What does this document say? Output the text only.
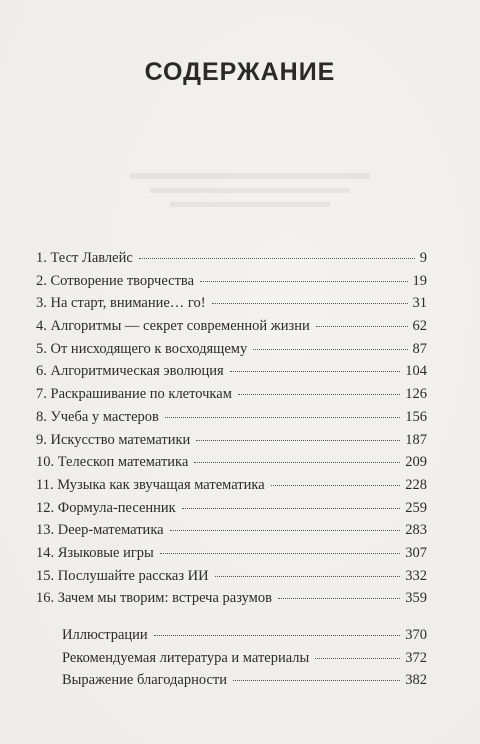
СОДЕРЖАНИЕ
1. Тест Лавлейс	9
2. Сотворение творчества	19
3. На старт, внимание… го!	31
4. Алгоритмы — секрет современной жизни	62
5. От нисходящего к восходящему	87
6. Алгоритмическая эволюция	104
7. Раскрашивание по клеточкам	126
8. Учеба у мастеров	156
9. Искусство математики	187
10. Телескоп математика	209
11. Музыка как звучащая математика	228
12. Формула-песенник	259
13. Deep-математика	283
14. Языковые игры	307
15. Послушайте рассказ ИИ	332
16. Зачем мы творим: встреча разумов	359
Иллюстрации	370
Рекомендуемая литература и материалы	372
Выражение благодарности	382
